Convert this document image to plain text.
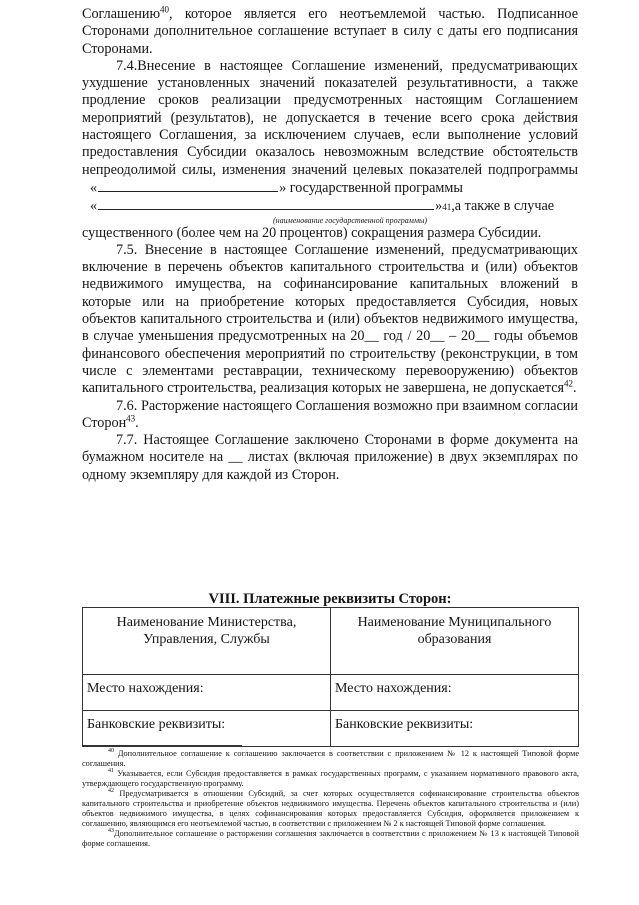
Соглашению$^{40}$, которое является его неотъемлемой частью. Подписанное Сторонами дополнительное соглашение вступает в силу с даты его подписания Сторонами.

7.4.Внесение в настоящее Соглашение изменений, предусматривающих ухудшение установленных значений показателей результативности, а также продление сроков реализации предусмотренных настоящим Соглашением мероприятий (результатов), не допускается в течение всего срока действия настоящего Соглашения, за исключением случаев, если выполнение условий предоставления Субсидии оказалось невозможным вследствие обстоятельств непреодолимой силы, изменения значений целевых показателей подпрограммы

«	» государственной программы
«	» 41 ,а также в случае
(наименование государственной программы)

существенного (более чем на 20 процентов) сокращения размера Субсидии.

7.5. Внесение в настоящее Соглашение изменений, предусматривающих включение в перечень объектов капитального строительства и (или) объектов недвижимого имущества, на софинансирование капитальных вложений в которые или на приобретение которых предоставляется Субсидия, новых объектов капитального строительства и (или) объектов недвижимого имущества, в случае уменьшения предусмотренных на 20__ год / 20__ – 20__ годы объемов финансового обеспечения мероприятий по строительству (реконструкции, в том числе с элементами реставрации, техническому перевооружению) объектов капитального строительства, реализация которых не завершена, не допускается$^{42}$.

7.6. Расторжение настоящего Соглашения возможно при взаимном согласии Сторон$^{43}$.

7.7. Настоящее Соглашение заключено Сторонами в форме документа на бумажном носителе на __ листах (включая приложение) в двух экземплярах по одному экземпляру для каждой из Сторон.

VIII. Платежные реквизиты Сторон:
Наименование Министерства, Управления, Службы	Наименование Муниципального образования
Место нахождения:	Место нахождения:
Банковские реквизиты:	Банковские реквизиты:

$^{40}$ Дополнительное соглашение к соглашению заключается в соответствии с приложением № 12 к настоящей Типовой форме соглашения.

$^{41}$ Указывается, если Субсидия предоставляется в рамках государственных программ, с указанием нормативного правового акта, утверждающего государственную программу.

$^{42}$ Предусматривается в отношении Субсидий, за счет которых осуществляется софинансирование строительства объектов капитального строительства и приобретение объектов недвижимого имущества. Перечень объектов капитального строительства и (или) объектов недвижимого имущества, в целях софинансирования которых предоставляется Субсидия, оформляется приложением к соглашению, являющимся его неотъемлемой частью, в соответствии с приложением № 2 к настоящей Типовой форме соглашения.

$^{43}$Дополнительное соглашение о расторжении соглашения заключается в соответствии с приложением № 13 к настоящей Типовой форме соглашения.
